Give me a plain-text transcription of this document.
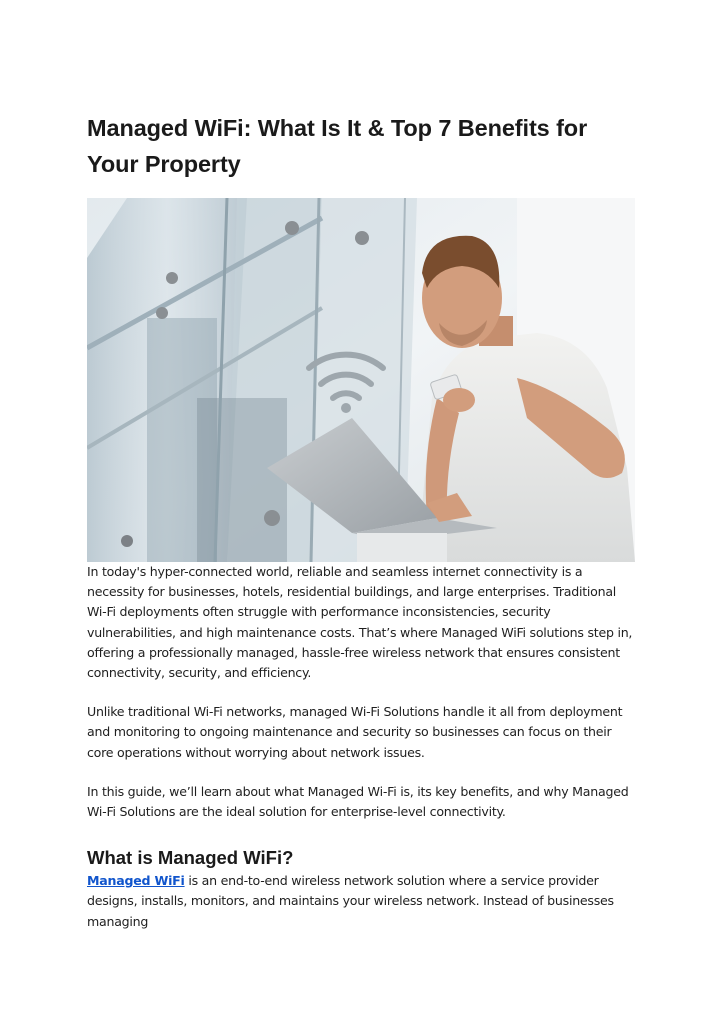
Managed WiFi: What Is It & Top 7 Benefits for Your Property

In today's hyper-connected world, reliable and seamless internet connectivity is a necessity for businesses, hotels, residential buildings, and large enterprises. Traditional Wi-Fi deployments often struggle with performance inconsistencies, security vulnerabilities, and high maintenance costs. That’s where Managed WiFi solutions step in, offering a professionally managed, hassle-free wireless network that ensures consistent connectivity, security, and efficiency.

Unlike traditional Wi-Fi networks, managed Wi-Fi Solutions handle it all from deployment and monitoring to ongoing maintenance and security so businesses can focus on their core operations without worrying about network issues.

In this guide, we’ll learn about what Managed Wi-Fi is, its key benefits, and why Managed Wi-Fi Solutions are the ideal solution for enterprise-level connectivity.

What is Managed WiFi?

Managed WiFi is an end-to-end wireless network solution where a service provider designs, installs, monitors, and maintains your wireless network. Instead of businesses managing
